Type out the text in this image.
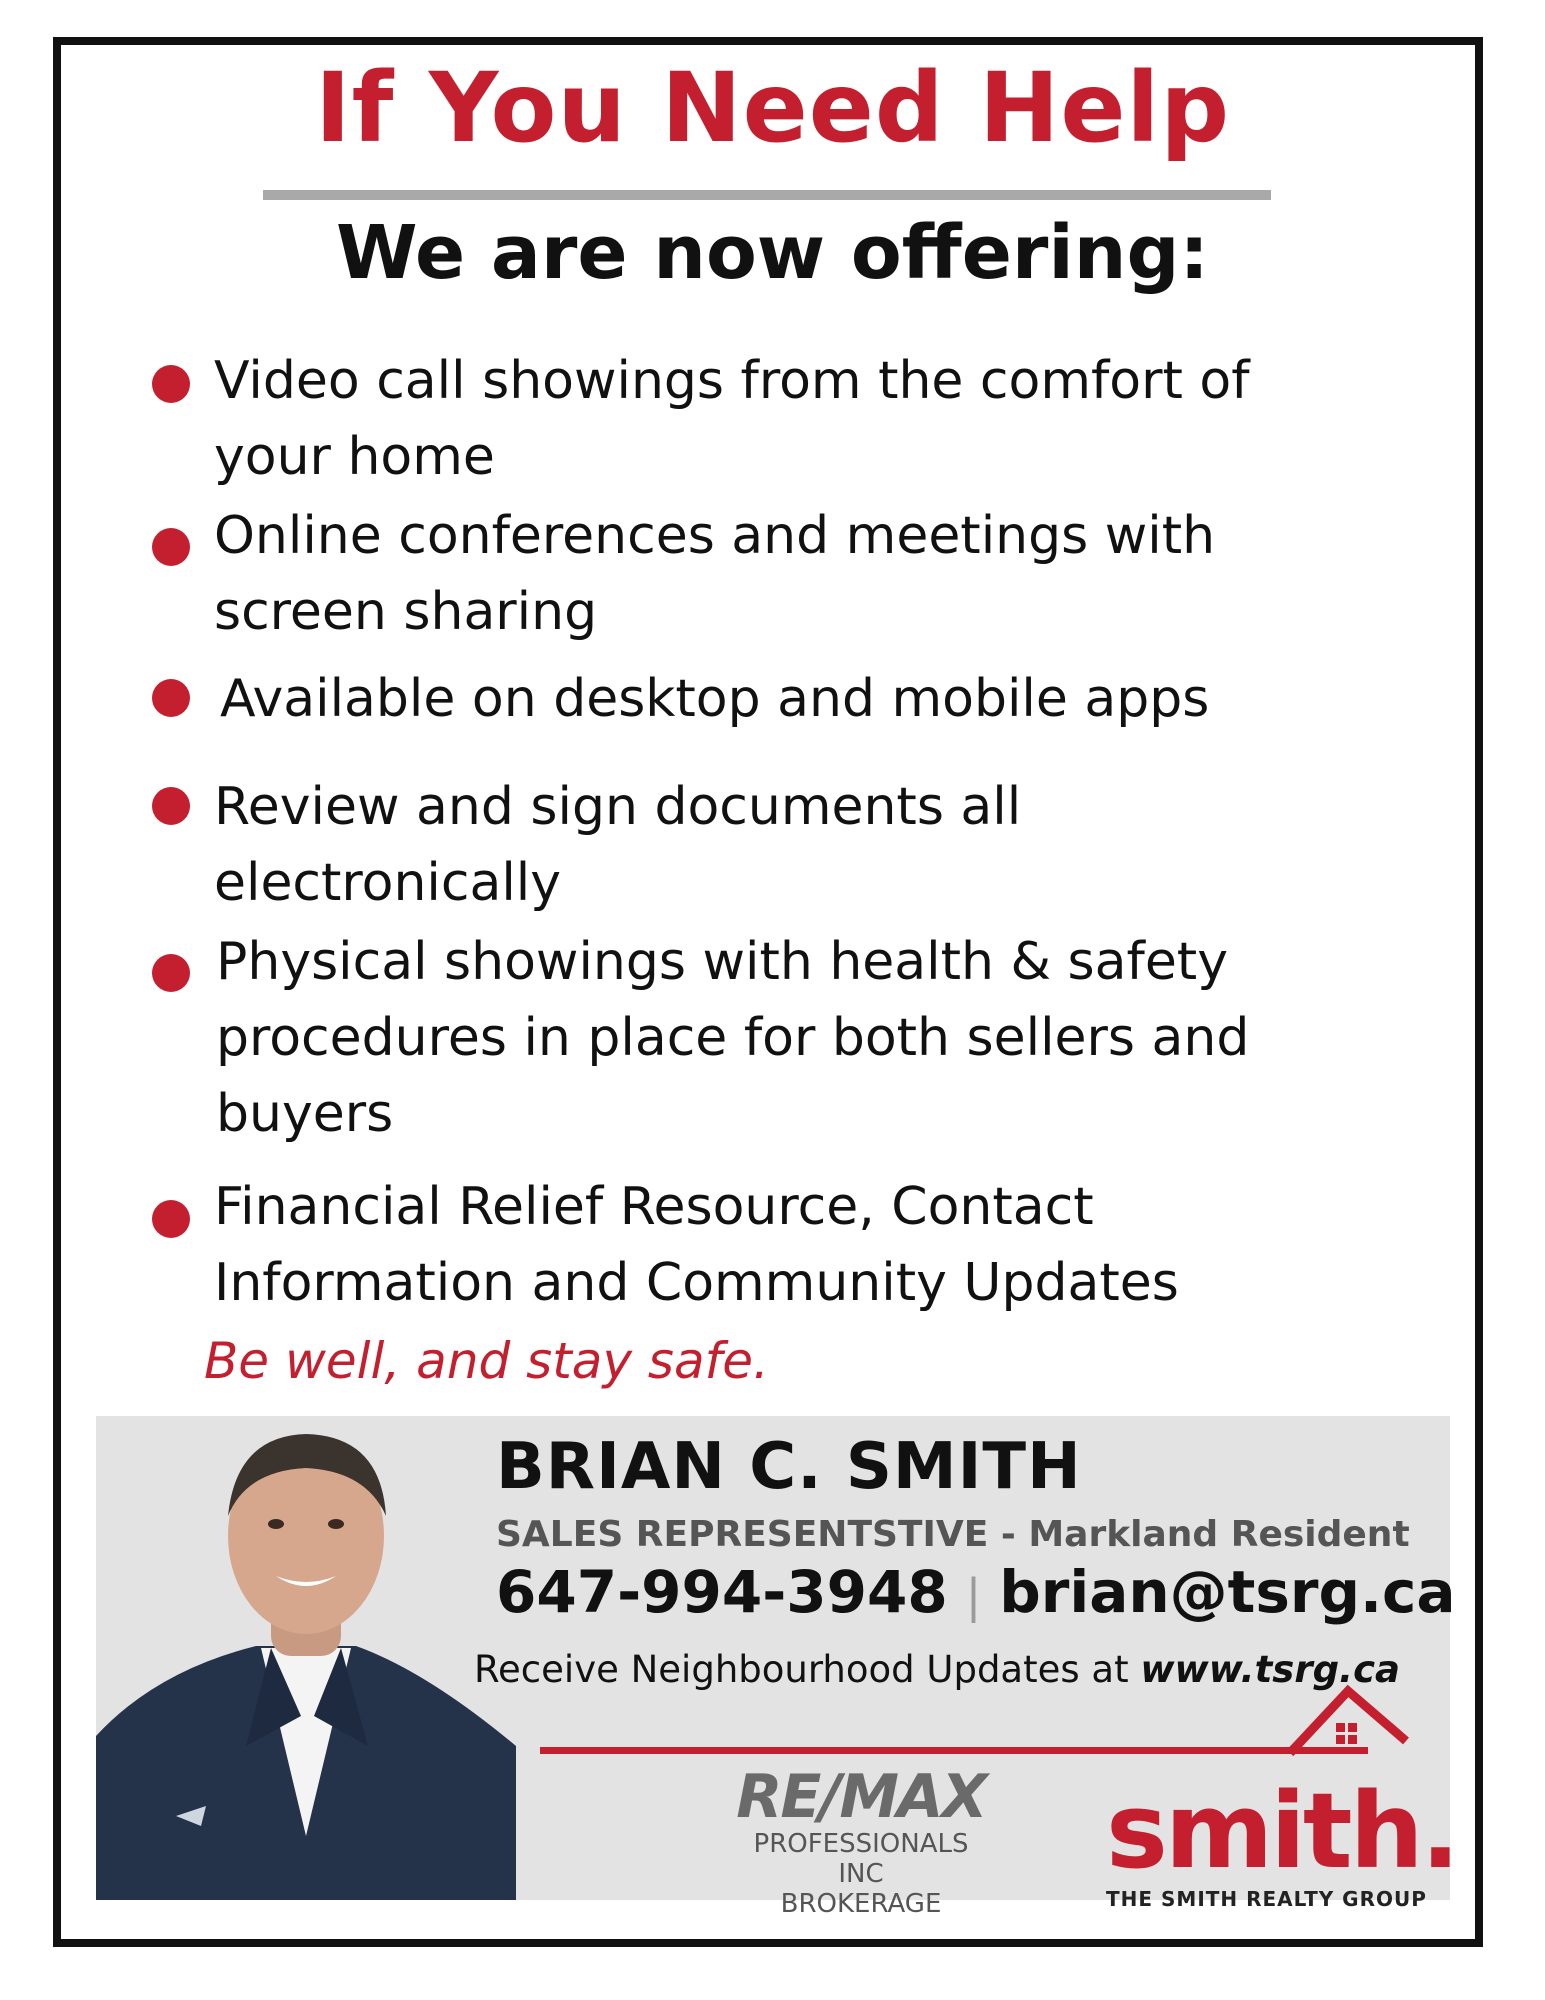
If You Need Help
We are now offering:
Video call showings from the comfort of
your home
Online conferences and meetings with
screen sharing
Available on desktop and mobile apps
Review and sign documents all
electronically
Physical showings with health & safety
procedures in place for both sellers and
buyers
Financial Relief Resource, Contact
Information and Community Updates
Be well, and stay safe.
BRIAN C. SMITH
SALES REPRESENTSTIVE - Markland Resident
647-994-3948 | brian@tsrg.ca
Receive Neighbourhood Updates at www.tsrg.ca
RE/MAX
PROFESSIONALS INC
BROKERAGE
smith.
THE SMITH REALTY GROUP
